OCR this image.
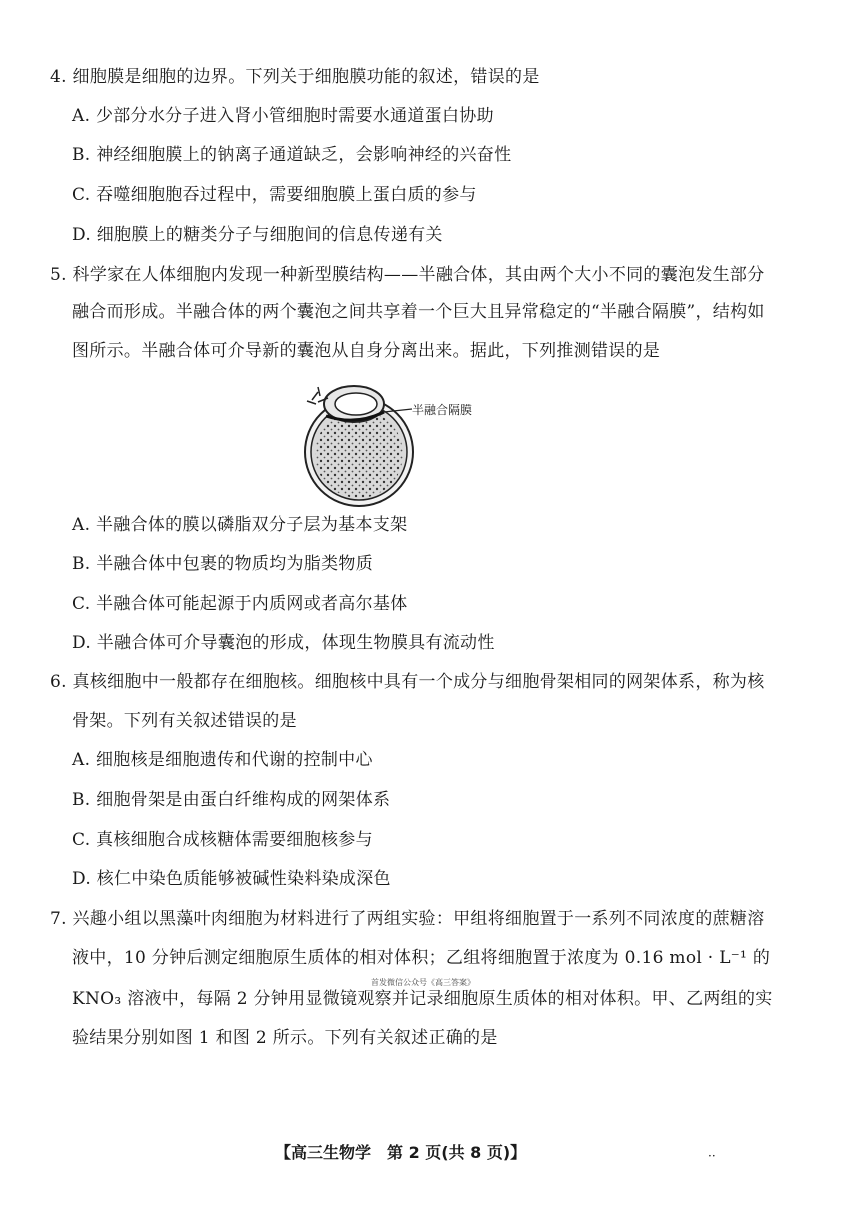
4. 细胞膜是细胞的边界。下列关于细胞膜功能的叙述，错误的是
A. 少部分水分子进入肾小管细胞时需要水通道蛋白协助
B. 神经细胞膜上的钠离子通道缺乏，会影响神经的兴奋性
C. 吞噬细胞胞吞过程中，需要细胞膜上蛋白质的参与
D. 细胞膜上的糖类分子与细胞间的信息传递有关
5. 科学家在人体细胞内发现一种新型膜结构——半融合体，其由两个大小不同的囊泡发生部分
融合而形成。半融合体的两个囊泡之间共享着一个巨大且异常稳定的“半融合隔膜”，结构如
图所示。半融合体可介导新的囊泡从自身分离出来。据此，下列推测错误的是
半融合隔膜
A. 半融合体的膜以磷脂双分子层为基本支架
B. 半融合体中包裹的物质均为脂类物质
C. 半融合体可能起源于内质网或者高尔基体
D. 半融合体可介导囊泡的形成，体现生物膜具有流动性
6. 真核细胞中一般都存在细胞核。细胞核中具有一个成分与细胞骨架相同的网架体系，称为核
骨架。下列有关叙述错误的是
A. 细胞核是细胞遗传和代谢的控制中心
B. 细胞骨架是由蛋白纤维构成的网架体系
C. 真核细胞合成核糖体需要细胞核参与
D. 核仁中染色质能够被碱性染料染成深色
7. 兴趣小组以黑藻叶肉细胞为材料进行了两组实验：甲组将细胞置于一系列不同浓度的蔗糖溶
液中，10 分钟后测定细胞原生质体的相对体积；乙组将细胞置于浓度为 0.16 mol · L⁻¹ 的
首发微信公众号《高三答案》
KNO₃ 溶液中，每隔 2 分钟用显微镜观察并记录细胞原生质体的相对体积。甲、乙两组的实
验结果分别如图 1 和图 2 所示。下列有关叙述正确的是
【高三生物学　第 2 页(共 8 页)】	··
